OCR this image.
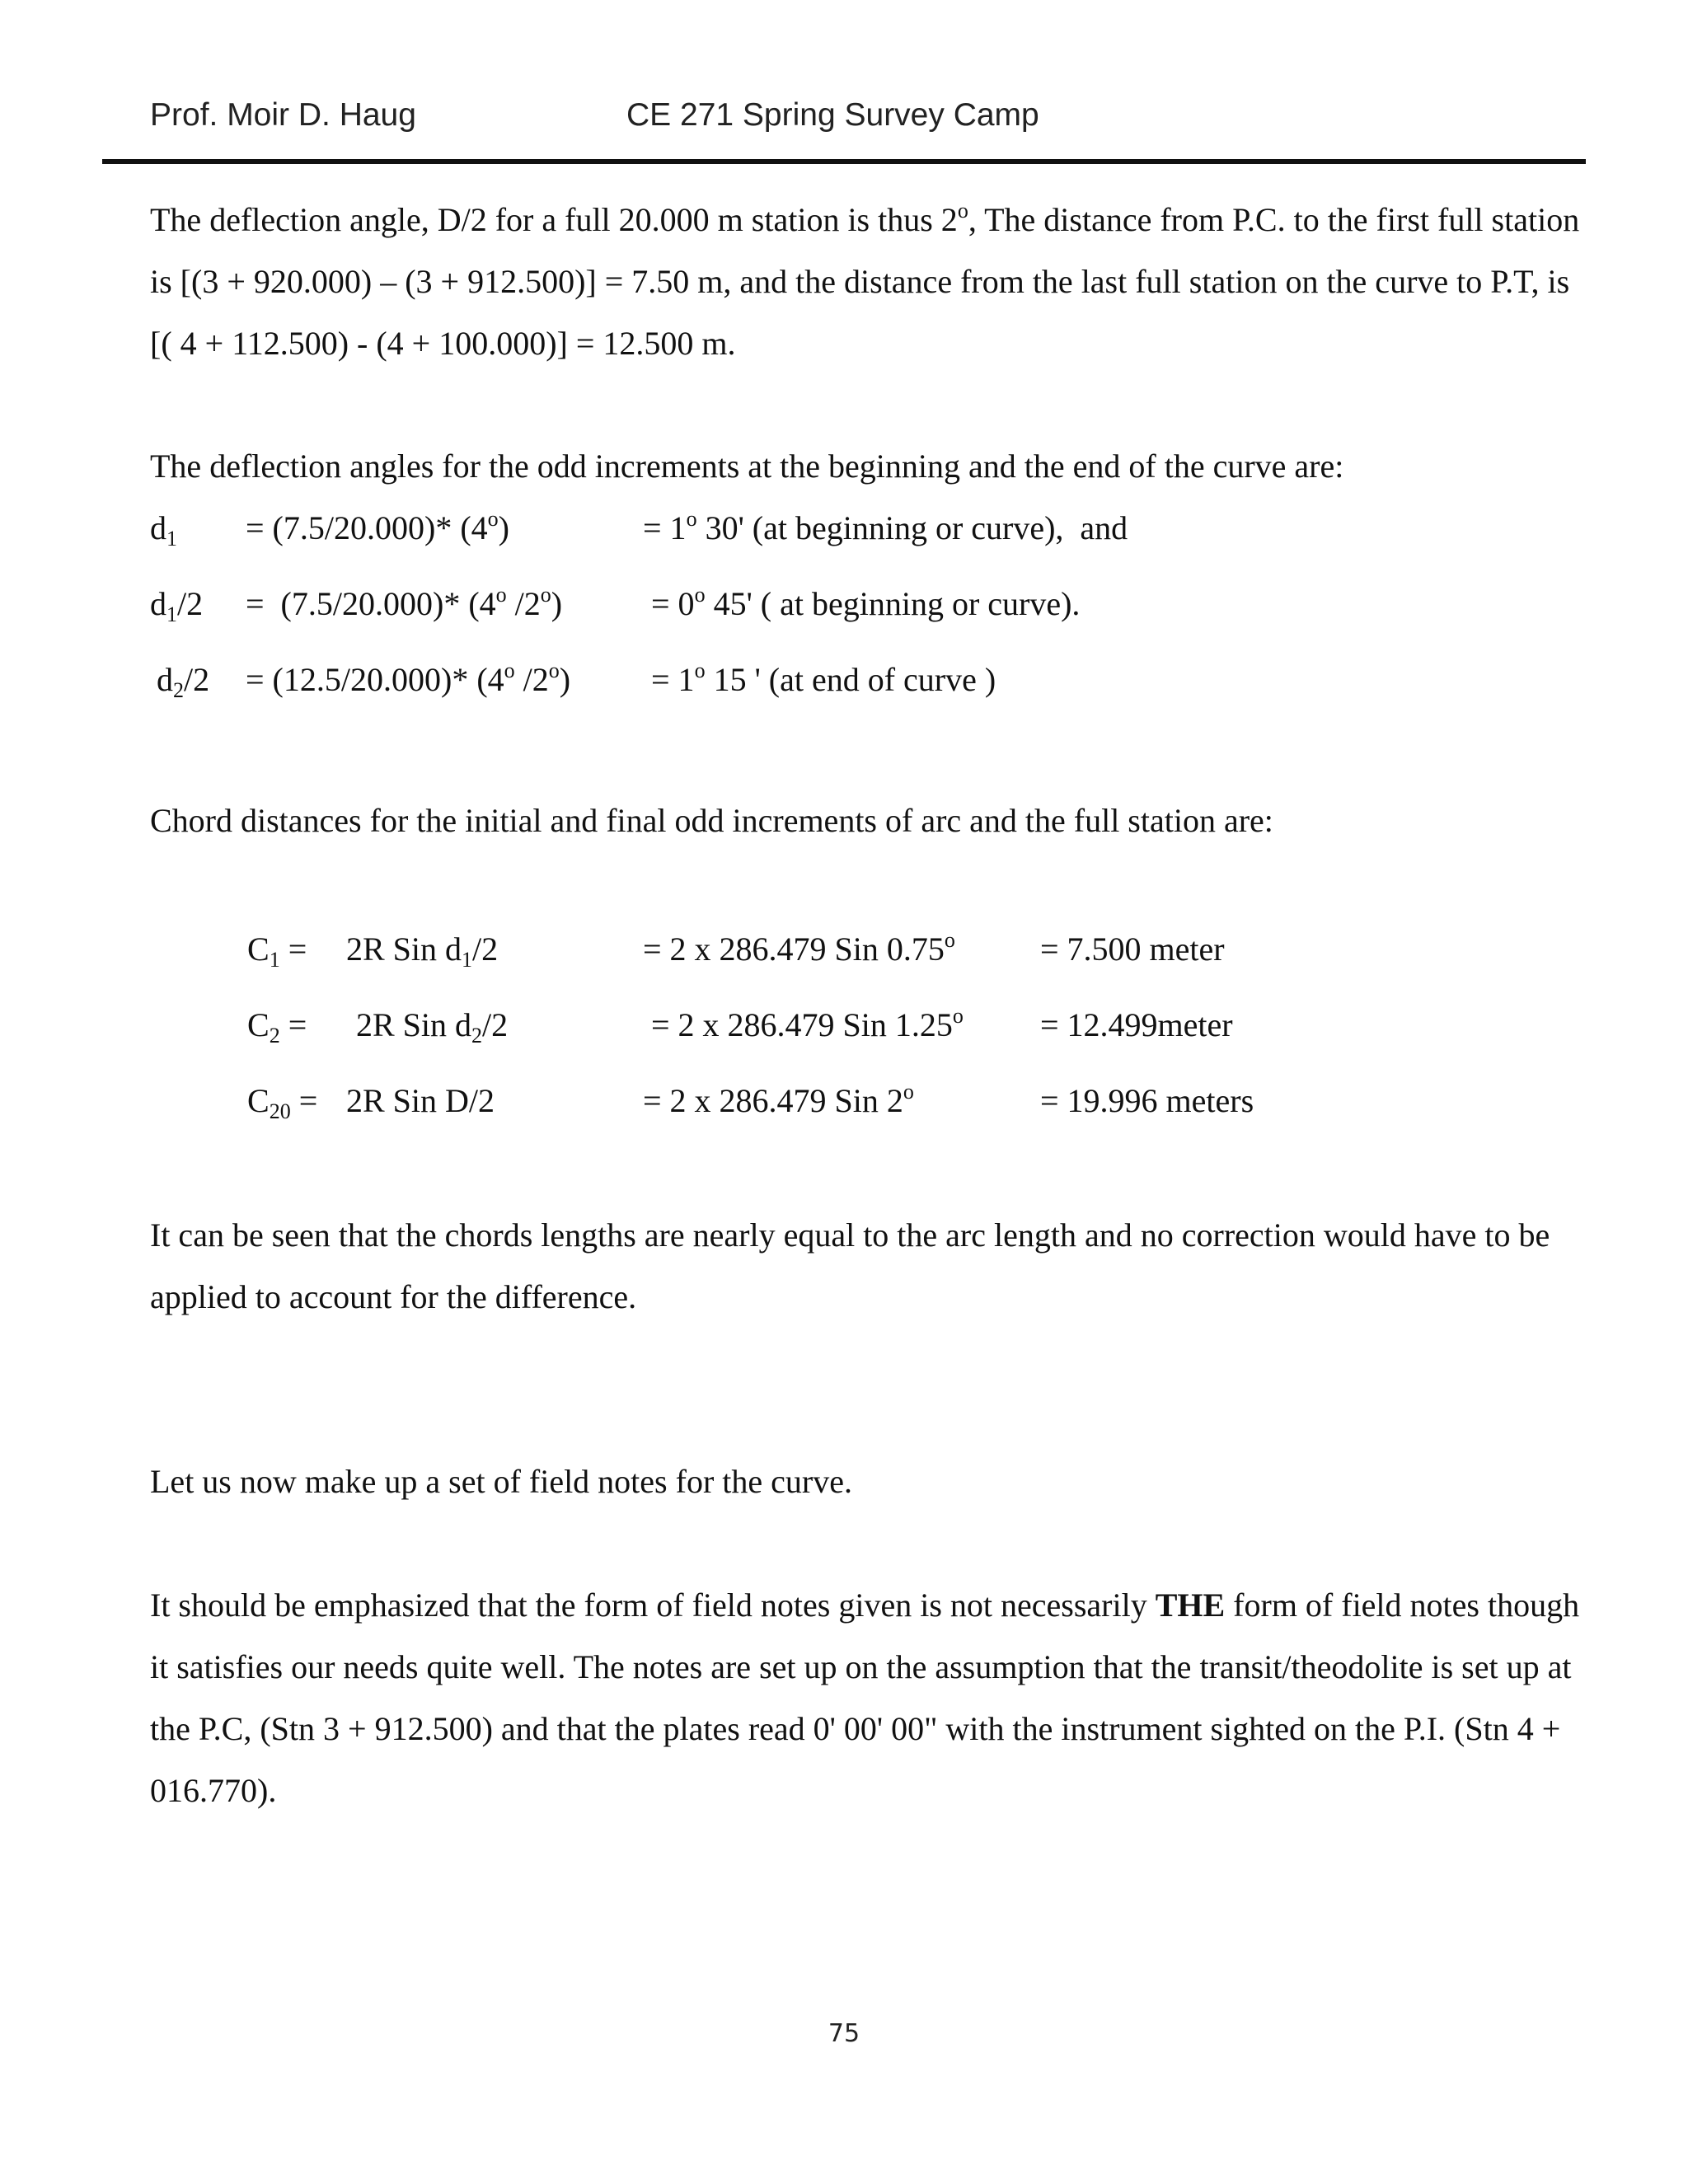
Prof. Moir D. Haug	CE 271 Spring Survey Camp

The deflection angle, D/2 for a full 20.000 m station is thus 2$^o$, The distance from P.C. to the first full station is [(3 + 920.000) – (3 + 912.500)] = 7.50 m, and the distance from the last full station on the curve to P.T, is [( 4 + 112.500) - (4 + 100.000)] = 12.500 m.

The deflection angles for the odd increments at the beginning and the end of the curve are:

$d_1 = (7.5/20.000)*$ $(4^o)$	= $1^o$ 30' (at beginning or curve),  and
$d_1/2 = (7.5/20.000)*$ (4$^o$ $/2^o$)	= $0^o$ 45' ( at beginning or curve).
$d_2/2 = (12.5/20.000)*$ (4$^o$ $/2^o) = 1^o$ 15 ' (at end of curve )

Chord distances for the initial and final odd increments of arc and the full station are:

$C_1 = 2R$ Sin $d_1/2$	= 2 x 286.479 Sin $0.75^o$	= 7.500 meter
$C_2 = 2R$ Sin $d_2/2$	= 2 x 286.479 Sin $1.25^o$ = 12.499meter
$C_{20} = 2R$ Sin D/2	= 2 x 286.479 Sin $2^o$	= 19.996 meters

It can be seen that the chords lengths are nearly equal to the arc length and no correction would have to be applied to account for the difference.

Let us now make up a set of field notes for the curve.

It should be emphasized that the form of field notes given is not necessarily THE form of field notes though it satisfies our needs quite well. The notes are set up on the assumption that the transit/theodolite is set up at the P.C, (Stn 3 + 912.500) and that the plates read 0' 00' 00" with the instrument sighted on the P.I. (Stn 4 + 016.770).

75
